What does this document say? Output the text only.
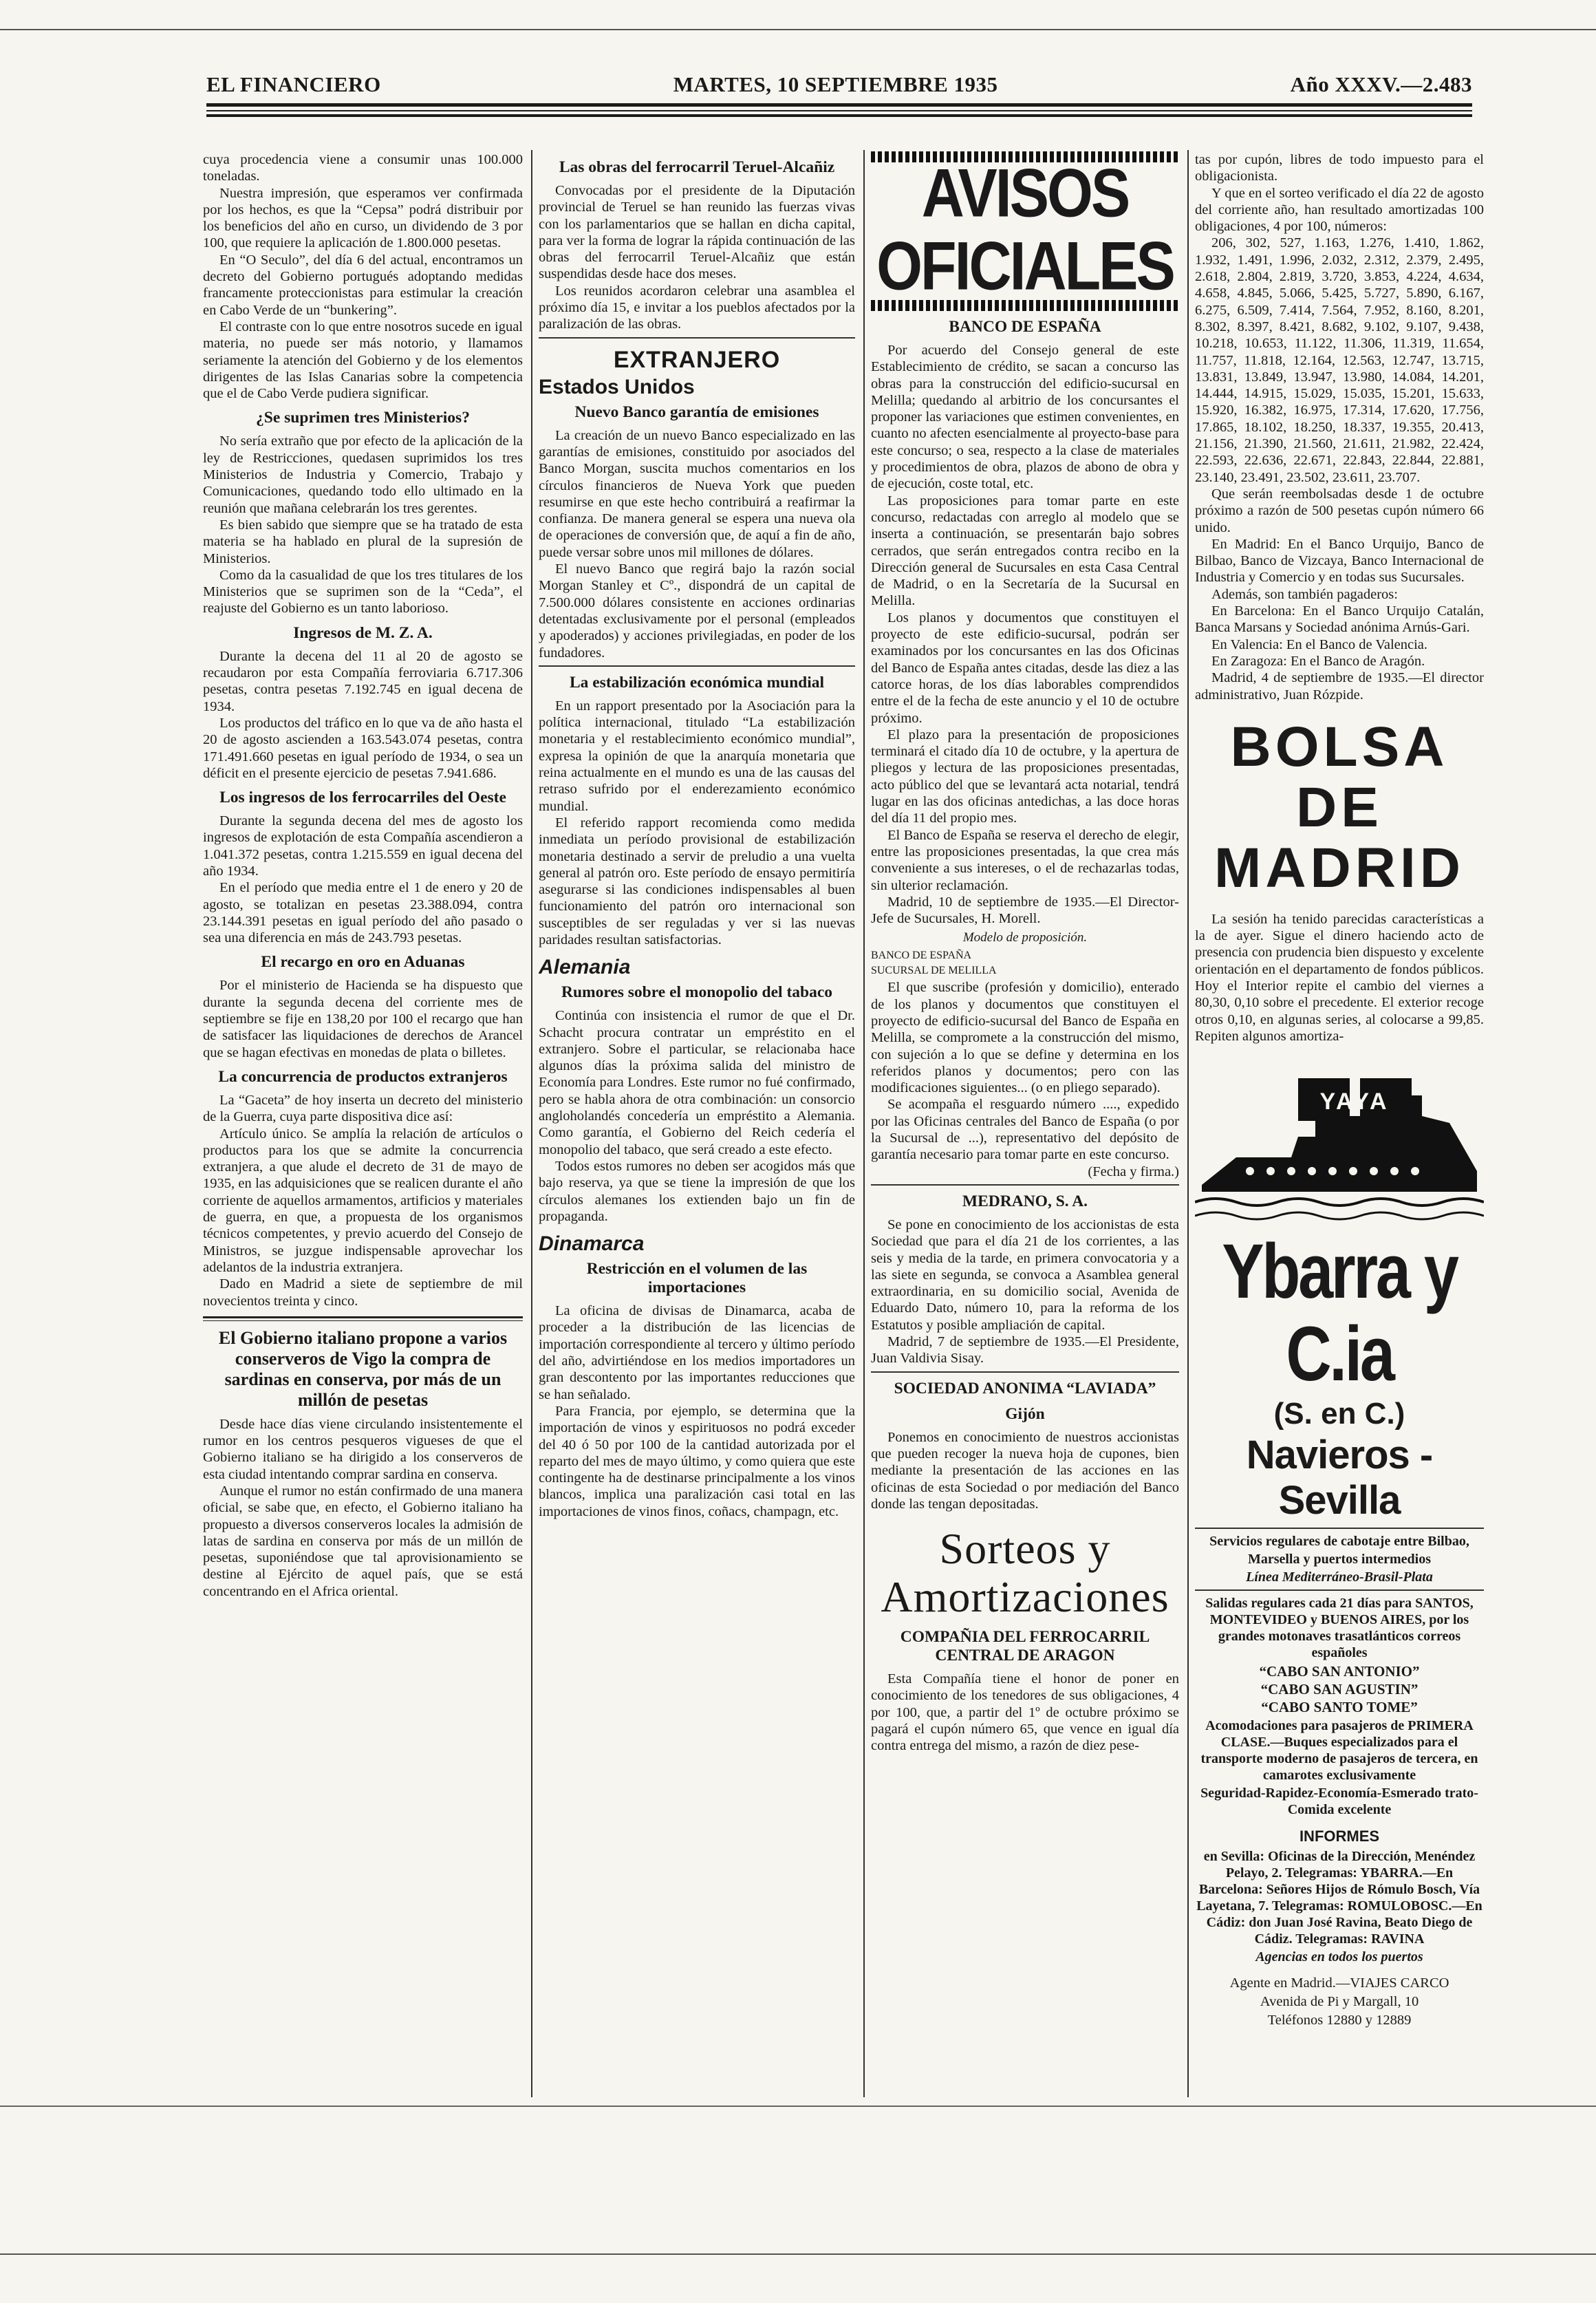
EL FINANCIERO	MARTES, 10 SEPTIEMBRE 1935	Año XXXV.—2.483

cuya procedencia viene a consumir unas 100.000 toneladas.

Nuestra impresión, que esperamos ver confirmada por los hechos, es que la “Cepsa” podrá distribuir por los beneficios del año en curso, un dividendo de 3 por 100, que requiere la aplicación de 1.800.000 pesetas.

En “O Seculo”, del día 6 del actual, encontramos un decreto del Gobierno portugués adoptando medidas francamente proteccionistas para estimular la creación en Cabo Verde de un “bunkering”.

El contraste con lo que entre nosotros sucede en igual materia, no puede ser más notorio, y llamamos seriamente la atención del Gobierno y de los elementos dirigentes de las Islas Canarias sobre la competencia que el de Cabo Verde pudiera significar.

¿Se suprimen tres Ministerios?

No sería extraño que por efecto de la aplicación de la ley de Restricciones, quedasen suprimidos los tres Ministerios de Industria y Comercio, Trabajo y Comunicaciones, quedando todo ello ultimado en la reunión que mañana celebrarán los tres gerentes.

Es bien sabido que siempre que se ha tratado de esta materia se ha hablado en plural de la supresión de Ministerios.

Como da la casualidad de que los tres titulares de los Ministerios que se suprimen son de la “Ceda”, el reajuste del Gobierno es un tanto laborioso.

Ingresos de M. Z. A.

Durante la decena del 11 al 20 de agosto se recaudaron por esta Compañía ferroviaria 6.717.306 pesetas, contra pesetas 7.192.745 en igual decena de 1934.

Los productos del tráfico en lo que va de año hasta el 20 de agosto ascienden a 163.543.074 pesetas, contra 171.491.660 pesetas en igual período de 1934, o sea un déficit en el presente ejercicio de pesetas 7.941.686.

Los ingresos de los ferrocarriles del Oeste

Durante la segunda decena del mes de agosto los ingresos de explotación de esta Compañía ascendieron a 1.041.372 pesetas, contra 1.215.559 en igual decena del año 1934.

En el período que media entre el 1 de enero y 20 de agosto, se totalizan en pesetas 23.388.094, contra 23.144.391 pesetas en igual período del año pasado o sea una diferencia en más de 243.793 pesetas.

El recargo en oro en Aduanas

Por el ministerio de Hacienda se ha dispuesto que durante la segunda decena del corriente mes de septiembre se fije en 138,20 por 100 el recargo que han de satisfacer las liquidaciones de derechos de Arancel que se hagan efectivas en monedas de plata o billetes.

La concurrencia de productos extranjeros

La “Gaceta” de hoy inserta un decreto del ministerio de la Guerra, cuya parte dispositiva dice así:

Artículo único. Se amplía la relación de artículos o productos para los que se admite la concurrencia extranjera, a que alude el decreto de 31 de mayo de 1935, en las adquisiciones que se realicen durante el año corriente de aquellos armamentos, artificios y materiales de guerra, en que, a propuesta de los organismos técnicos competentes, y previo acuerdo del Consejo de Ministros, se juzgue indispensable aprovechar los adelantos de la industria extranjera.

Dado en Madrid a siete de septiembre de mil novecientos treinta y cinco.

El Gobierno italiano propone a varios conserveros de Vigo la compra de sardinas en conserva, por más de un millón de pesetas

Desde hace días viene circulando insistentemente el rumor en los centros pesqueros vigueses de que el Gobierno italiano se ha dirigido a los conserveros de esta ciudad intentando comprar sardina en conserva.

Aunque el rumor no están confirmado de una manera oficial, se sabe que, en efecto, el Gobierno italiano ha propuesto a diversos conserveros locales la admisión de latas de sardina en conserva por más de un millón de pesetas, suponiéndose que tal aprovisionamiento se destine al Ejército de aquel país, que se está concentrando en el Africa oriental.

Las obras del ferrocarril Teruel-Alcañiz

Convocadas por el presidente de la Diputación provincial de Teruel se han reunido las fuerzas vivas con los parlamentarios que se hallan en dicha capital, para ver la forma de lograr la rápida continuación de las obras del ferrocarril Teruel-Alcañiz que están suspendidas desde hace dos meses.

Los reunidos acordaron celebrar una asamblea el próximo día 15, e invitar a los pueblos afectados por la paralización de las obras.

EXTRANJERO
Estados Unidos
Nuevo Banco garantía de emisiones

La creación de un nuevo Banco especializado en las garantías de emisiones, constituido por asociados del Banco Morgan, suscita muchos comentarios en los círculos financieros de Nueva York que pueden resumirse en que este hecho contribuirá a reafirmar la confianza. De manera general se espera una nueva ola de operaciones de conversión que, de aquí a fin de año, puede versar sobre unos mil millones de dólares.

El nuevo Banco que regirá bajo la razón social Morgan Stanley et Cº., dispondrá de un capital de 7.500.000 dólares consistente en acciones ordinarias detentadas exclusivamente por el personal (empleados y apoderados) y acciones privilegiadas, en poder de los fundadores.

La estabilización económica mundial

En un rapport presentado por la Asociación para la política internacional, titulado “La estabilización monetaria y el restablecimiento económico mundial”, expresa la opinión de que la anarquía monetaria que reina actualmente en el mundo es una de las causas del retraso sufrido por el enderezamiento económico mundial.

El referido rapport recomienda como medida inmediata un período provisional de estabilización monetaria destinado a servir de preludio a una vuelta general al patrón oro. Este período de ensayo permitiría asegurarse si las condiciones indispensables al buen funcionamiento del patrón oro internacional son susceptibles de ser reguladas y ver si las nuevas paridades resultan satisfactorias.

Alemania
Rumores sobre el monopolio del tabaco

Continúa con insistencia el rumor de que el Dr. Schacht procura contratar un empréstito en el extranjero. Sobre el particular, se relacionaba hace algunos días la próxima salida del ministro de Economía para Londres. Este rumor no fué confirmado, pero se habla ahora de otra combinación: un consorcio angloholandés concedería un empréstito a Alemania. Como garantía, el Gobierno del Reich cedería el monopolio del tabaco, que será creado a este efecto.

Todos estos rumores no deben ser acogidos más que bajo reserva, ya que se tiene la impresión de que los círculos alemanes los extienden bajo un fin de propaganda.

Dinamarca
Restricción en el volumen de las importaciones

La oficina de divisas de Dinamarca, acaba de proceder a la distribución de las licencias de importación correspondiente al tercero y último período del año, advirtiéndose en los medios importadores un gran descontento por las importantes reducciones que se han señalado.

Para Francia, por ejemplo, se determina que la importación de vinos y espirituosos no podrá exceder del 40 ó 50 por 100 de la cantidad autorizada por el reparto del mes de mayo último, y como quiera que este contingente ha de destinarse principalmente a los vinos blancos, implica una paralización casi total en las importaciones de vinos finos, coñacs, champagn, etc.

AVISOS OFICIALES
BANCO DE ESPAÑA

Por acuerdo del Consejo general de este Establecimiento de crédito, se sacan a concurso las obras para la construcción del edificio-sucursal en Melilla; quedando al arbitrio de los concursantes el proponer las variaciones que estimen convenientes, en cuanto no afecten esencialmente al proyecto-base para este concurso; o sea, respecto a la clase de materiales y procedimientos de obra, plazos de abono de obra y de ejecución, coste total, etc.

Las proposiciones para tomar parte en este concurso, redactadas con arreglo al modelo que se inserta a continuación, se presentarán bajo sobres cerrados, que serán entregados contra recibo en la Dirección general de Sucursales en esta Casa Central de Madrid, o en la Secretaría de la Sucursal en Melilla.

Los planos y documentos que constituyen el proyecto de este edificio-sucursal, podrán ser examinados por los concursantes en las dos Oficinas del Banco de España antes citadas, desde las diez a las catorce horas, de los días laborables comprendidos entre el de la fecha de este anuncio y el 10 de octubre próximo.

El plazo para la presentación de proposiciones terminará el citado día 10 de octubre, y la apertura de pliegos y lectura de las proposiciones presentadas, acto público del que se levantará acta notarial, tendrá lugar en las dos oficinas antedichas, a las doce horas del día 11 del propio mes.

El Banco de España se reserva el derecho de elegir, entre las proposiciones presentadas, la que crea más conveniente a sus intereses, o el de rechazarlas todas, sin ulterior reclamación.

Madrid, 10 de septiembre de 1935.—El Director-Jefe de Sucursales, H. Morell.

Modelo de proposición.
BANCO DE ESPAÑA
SUCURSAL DE MELILLA

El que suscribe (profesión y domicilio), enterado de los planos y documentos que constituyen el proyecto de edificio-sucursal del Banco de España en Melilla, se compromete a la construcción del mismo, con sujeción a lo que se define y determina en los referidos planos y documentos; pero con las modificaciones siguientes... (o en pliego separado).

Se acompaña el resguardo número ...., expedido por las Oficinas centrales del Banco de España (o por la Sucursal de ...), representativo del depósito de garantía necesario para tomar parte en este concurso.

(Fecha y firma.)

MEDRANO, S. A.

Se pone en conocimiento de los accionistas de esta Sociedad que para el día 21 de los corrientes, a las seis y media de la tarde, en primera convocatoria y a las siete en segunda, se convoca a Asamblea general extraordinaria, en su domicilio social, Avenida de Eduardo Dato, número 10, para la reforma de los Estatutos y posible ampliación de capital.

Madrid, 7 de septiembre de 1935.—El Presidente, Juan Valdivia Sisay.

SOCIEDAD ANONIMA “LAVIADA”
Gijón

Ponemos en conocimiento de nuestros accionistas que pueden recoger la nueva hoja de cupones, bien mediante la presentación de las acciones en las oficinas de esta Sociedad o por mediación del Banco donde las tengan depositadas.

Sorteos y Amortizaciones
COMPAÑIA DEL FERROCARRIL CENTRAL DE ARAGON

Esta Compañía tiene el honor de poner en conocimiento de los tenedores de sus obligaciones, 4 por 100, que, a partir del 1º de octubre próximo se pagará el cupón número 65, que vence en igual día contra entrega del mismo, a razón de diez pese-

tas por cupón, libres de todo impuesto para el obligacionista.

Y que en el sorteo verificado el día 22 de agosto del corriente año, han resultado amortizadas 100 obligaciones, 4 por 100, números:

206, 302, 527, 1.163, 1.276, 1.410, 1.862, 1.932, 1.491, 1.996, 2.032, 2.312, 2.379, 2.495, 2.618, 2.804, 2.819, 3.720, 3.853, 4.224, 4.634, 4.658, 4.845, 5.066, 5.425, 5.727, 5.890, 6.167, 6.275, 6.509, 7.414, 7.564, 7.952, 8.160, 8.201, 8.302, 8.397, 8.421, 8.682, 9.102, 9.107, 9.438, 10.218, 10.653, 11.122, 11.306, 11.319, 11.654, 11.757, 11.818, 12.164, 12.563, 12.747, 13.715, 13.831, 13.849, 13.947, 13.980, 14.084, 14.201, 14.444, 14.915, 15.029, 15.035, 15.201, 15.633, 15.920, 16.382, 16.975, 17.314, 17.620, 17.756, 17.865, 18.102, 18.250, 18.337, 19.355, 20.413, 21.156, 21.390, 21.560, 21.611, 21.982, 22.424, 22.593, 22.636, 22.671, 22.843, 22.844, 22.881, 23.140, 23.491, 23.502, 23.611, 23.707.

Que serán reembolsadas desde 1 de octubre próximo a razón de 500 pesetas cupón número 66 unido.

En Madrid: En el Banco Urquijo, Banco de Bilbao, Banco de Vizcaya, Banco Internacional de Industria y Comercio y en todas sus Sucursales.

Además, son también pagaderos:

En Barcelona: En el Banco Urquijo Catalán, Banca Marsans y Sociedad anónima Arnús-Gari.

En Valencia: En el Banco de Valencia.

En Zaragoza: En el Banco de Aragón.

Madrid, 4 de septiembre de 1935.—El director administrativo, Juan Rózpide.

BOLSA DE
MADRID

La sesión ha tenido parecidas características a la de ayer. Sigue el dinero haciendo acto de presencia con prudencia bien dispuesto y excelente orientación en el departamento de fondos públicos. Hoy el Interior repite el cambio del viernes a 80,30, 0,10 sobre el precedente. El exterior recoge otros 0,10, en algunas series, al colocarse a 99,85. Repiten algunos amortiza-

YAYA
Ybarra y C.ia
(S. en C.)
Navieros - Sevilla

Servicios regulares de cabotaje entre Bilbao,

Marsella y puertos intermedios

Línea Mediterráneo-Brasil-Plata

Salidas regulares cada 21 días para SANTOS, MONTEVIDEO y BUENOS AIRES, por los grandes motonaves trasatlánticos correos españoles

“CABO SAN ANTONIO”

“CABO SAN AGUSTIN”

“CABO SANTO TOME”

Acomodaciones para pasajeros de PRIMERA CLASE.—Buques especializados para el transporte moderno de pasajeros de tercera, en camarotes exclusivamente

Seguridad-Rapidez-Economía-Esmerado trato-Comida excelente

INFORMES

en Sevilla: Oficinas de la Dirección, Menéndez Pelayo, 2. Telegramas: YBARRA.—En Barcelona: Señores Hijos de Rómulo Bosch, Vía Layetana, 7. Telegramas: ROMULOBOSC.—En Cádiz: don Juan José Ravina, Beato Diego de Cádiz. Telegramas: RAVINA

Agencias en todos los puertos

Agente en Madrid.—VIAJES CARCO

Avenida de Pi y Margall, 10

Teléfonos 12880 y 12889
